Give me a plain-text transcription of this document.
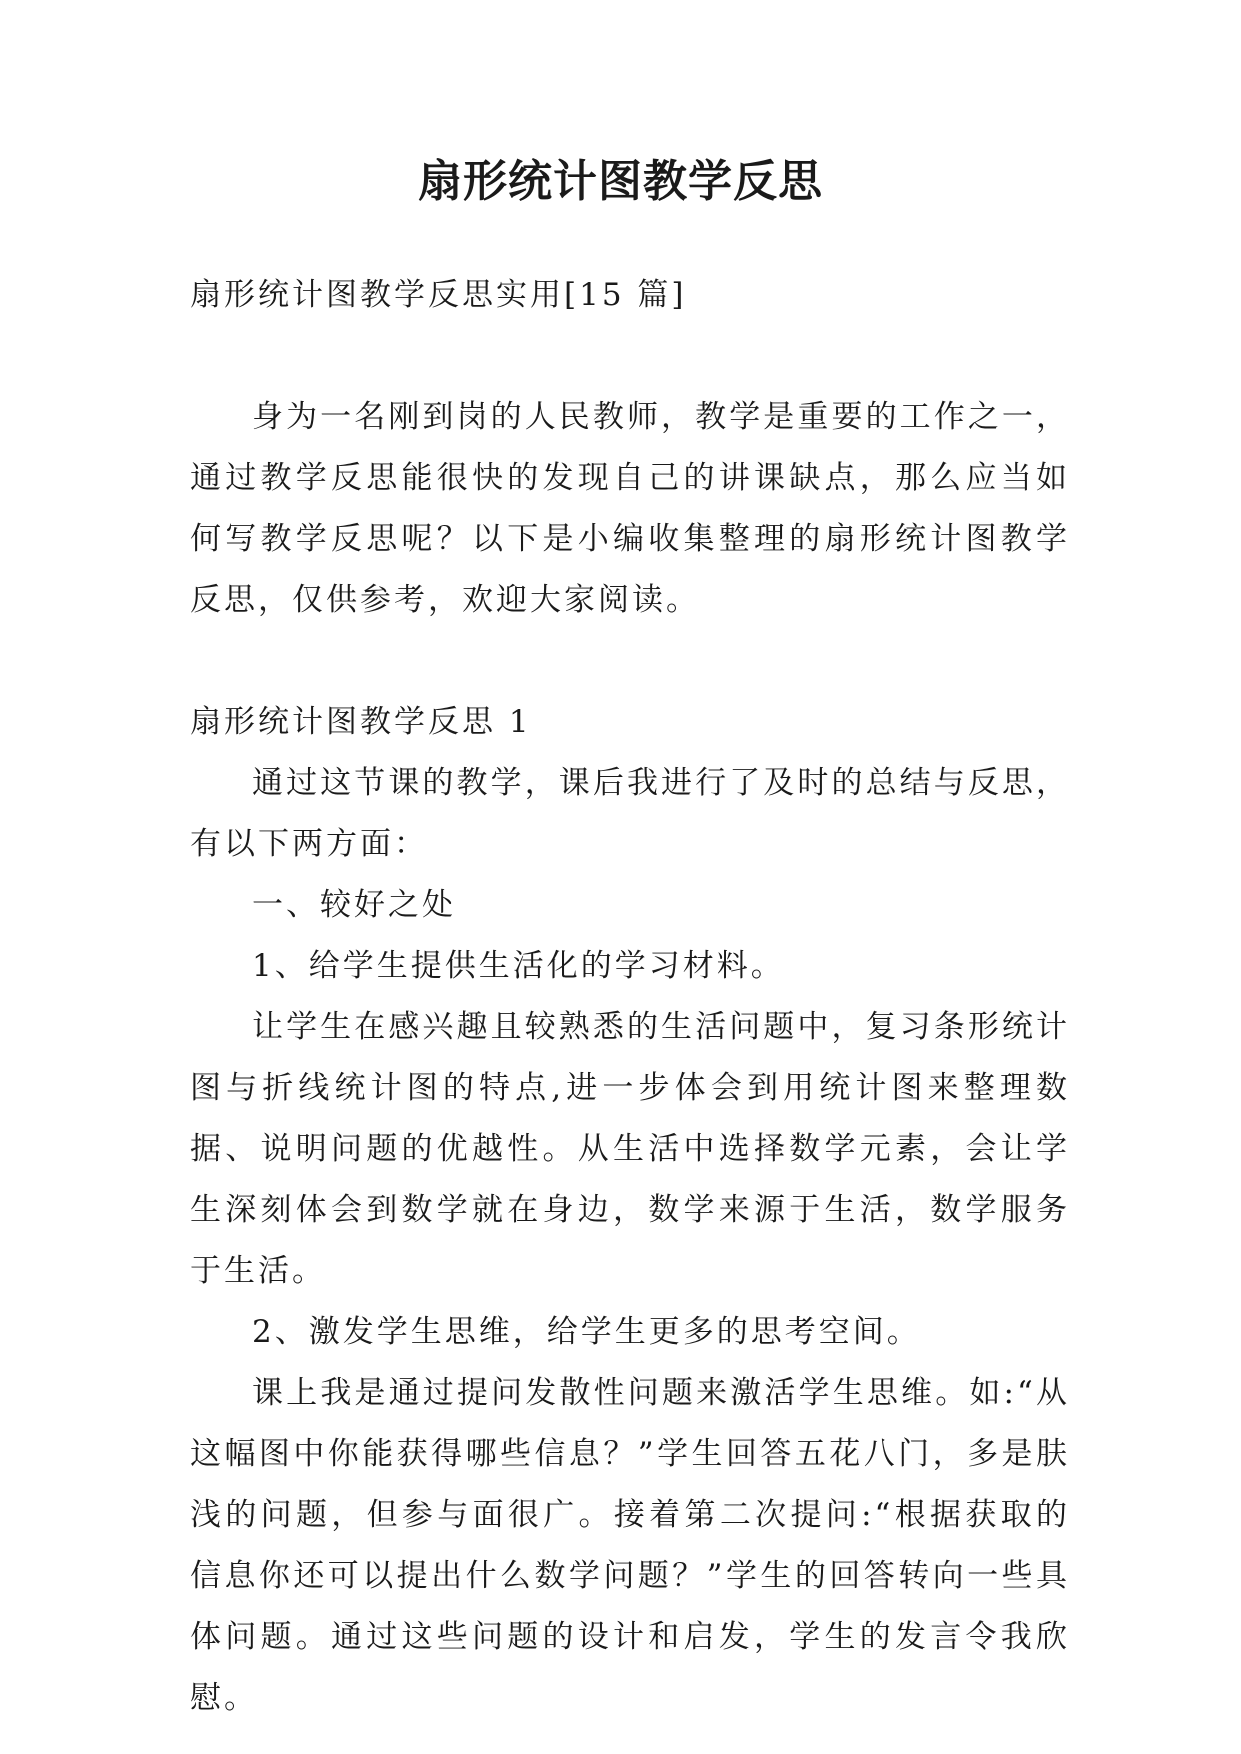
扇形统计图教学反思

扇形统计图教学反思实用[15 篇]

身为一名刚到岗的人民教师，教学是重要的工作之一，通过教学反思能很快的发现自己的讲课缺点，那么应当如何写教学反思呢？以下是小编收集整理的扇形统计图教学反思，仅供参考，欢迎大家阅读。

扇形统计图教学反思 1

通过这节课的教学，课后我进行了及时的总结与反思，有以下两方面：

一、较好之处

1、给学生提供生活化的学习材料。

让学生在感兴趣且较熟悉的生活问题中，复习条形统计图与折线统计图的特点,进一步体会到用统计图来整理数据、说明问题的优越性。从生活中选择数学元素，会让学生深刻体会到数学就在身边，数学来源于生活，数学服务于生活。

2、激发学生思维，给学生更多的思考空间。

课上我是通过提问发散性问题来激活学生思维。如:“从这幅图中你能获得哪些信息？”学生回答五花八门，多是肤浅的问题，但参与面很广。接着第二次提问:“根据获取的信息你还可以提出什么数学问题？”学生的回答转向一些具体问题。通过这些问题的设计和启发，学生的发言令我欣慰。
